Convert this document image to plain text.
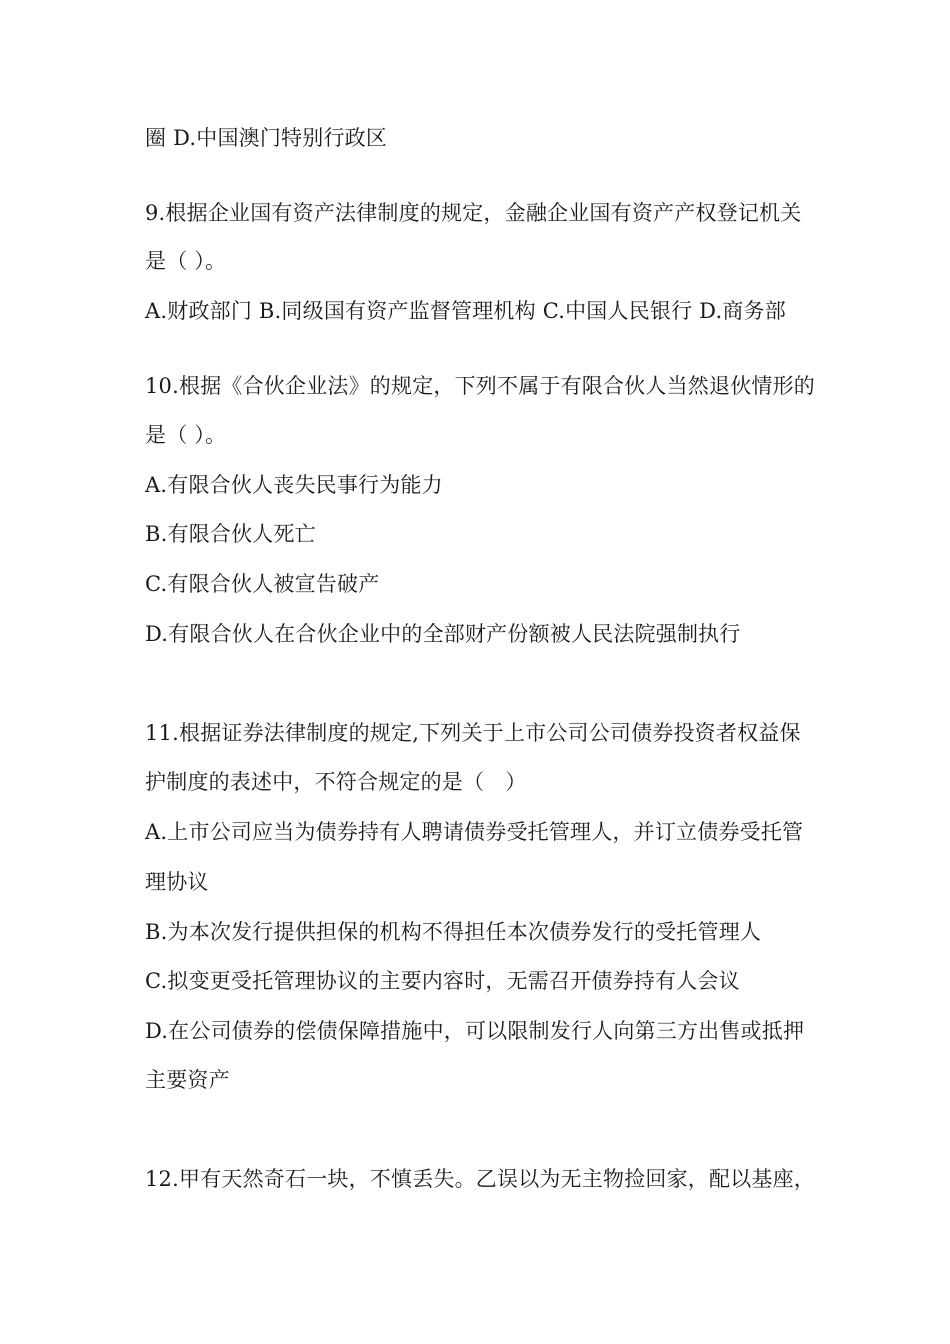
圈 D.中国澳门特别行政区
9.根据企业国有资产法律制度的规定，金融企业国有资产产权登记机关
是（ ）。
A.财政部门 B.同级国有资产监督管理机构 C.中国人民银行 D.商务部
10.根据《合伙企业法》的规定，下列不属于有限合伙人当然退伙情形的
是（ ）。
A.有限合伙人丧失民事行为能力
B.有限合伙人死亡
C.有限合伙人被宣告破产
D.有限合伙人在合伙企业中的全部财产份额被人民法院强制执行
11.根据证券法律制度的规定,下列关于上市公司公司债券投资者权益保
护制度的表述中，不符合规定的是（　）
A.上市公司应当为债券持有人聘请债券受托管理人，并订立债券受托管
理协议
B.为本次发行提供担保的机构不得担任本次债券发行的受托管理人
C.拟变更受托管理协议的主要内容时，无需召开债券持有人会议
D.在公司债券的偿债保障措施中，可以限制发行人向第三方出售或抵押
主要资产
12.甲有天然奇石一块，不慎丢失。乙误以为无主物捡回家，配以基座，
